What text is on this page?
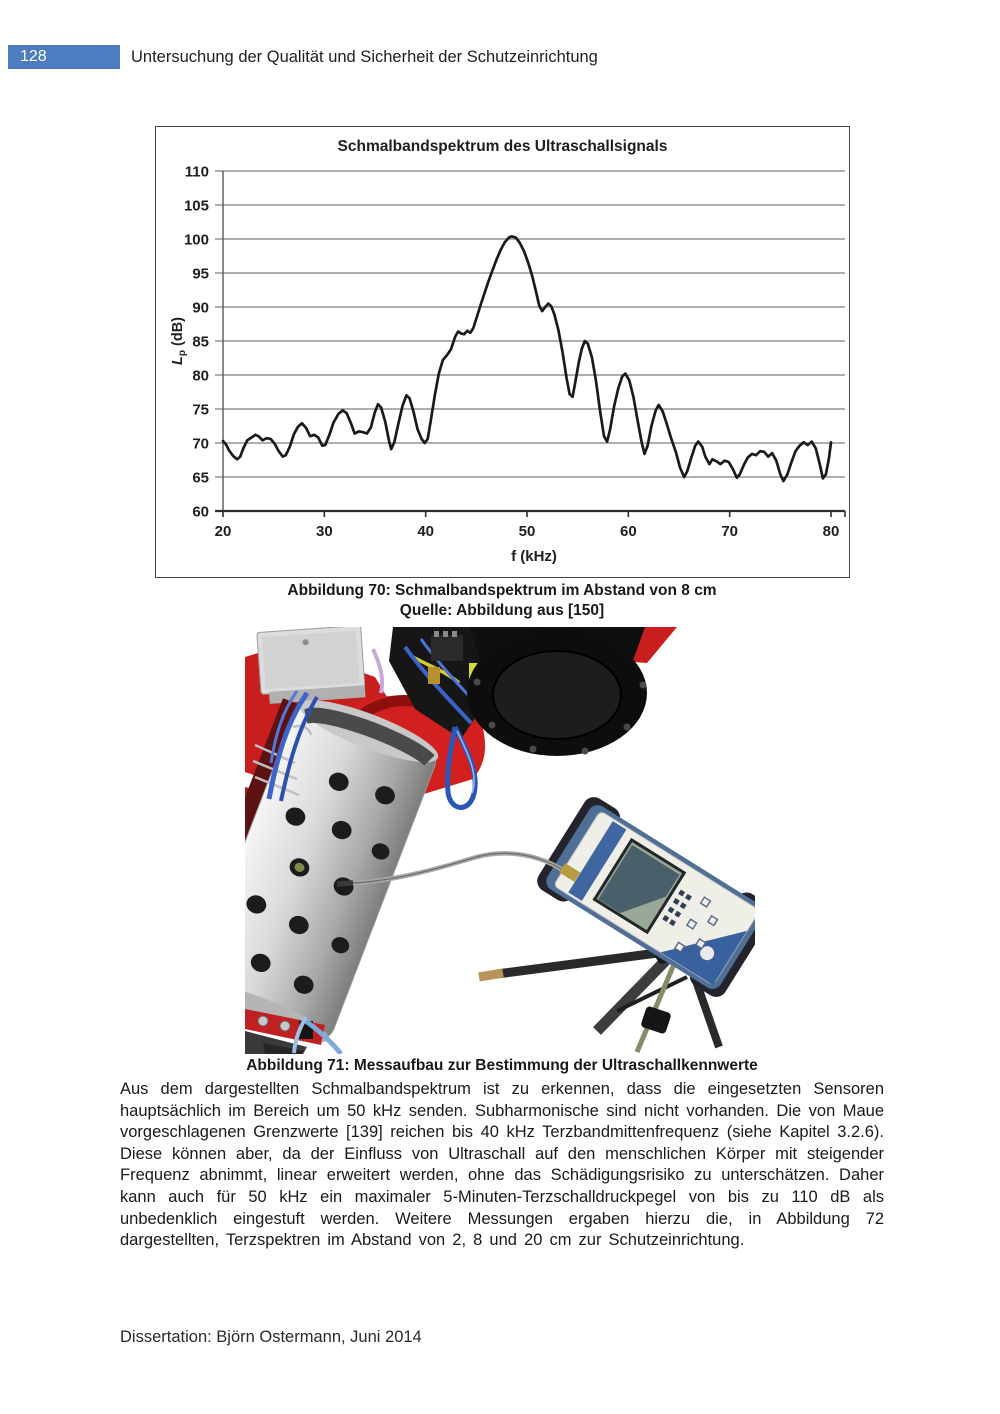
128	Untersuchung der Qualität und Sicherheit der Schutzeinrichtung
60
65
70
75
80
85
90
95
100
105
110
20	30	40	50	60	70	80
f (kHz)
$L_p$ (dB)
Schmalbandspektrum des Ultraschallsignals
Abbildung 70: Schmalbandspektrum im Abstand von 8 cm
Quelle: Abbildung aus [150]
Abbildung 71: Messaufbau zur Bestimmung der Ultraschallkennwerte

Aus dem dargestellten Schmalbandspektrum ist zu erkennen, dass die eingesetzten Sensoren hauptsächlich im Bereich um 50 kHz senden. Subharmonische sind nicht vorhanden. Die von Maue vorgeschlagenen Grenzwerte [139] reichen bis 40 kHz Terzbandmittenfrequenz (siehe Kapitel 3.2.6). Diese können aber, da der Einfluss von Ultraschall auf den menschlichen Körper mit steigender Frequenz abnimmt, linear erweitert werden, ohne das Schädigungsrisiko zu unterschätzen. Daher kann auch für 50 kHz ein maximaler 5-Minuten-Terzschalldruckpegel von bis zu 110 dB als unbedenklich eingestuft werden. Weitere Messungen ergaben hierzu die, in Abbildung 72 dargestellten, Terzspektren im Abstand von 2, 8 und 20 cm zur Schutzeinrichtung.

Dissertation: Björn Ostermann, Juni 2014
